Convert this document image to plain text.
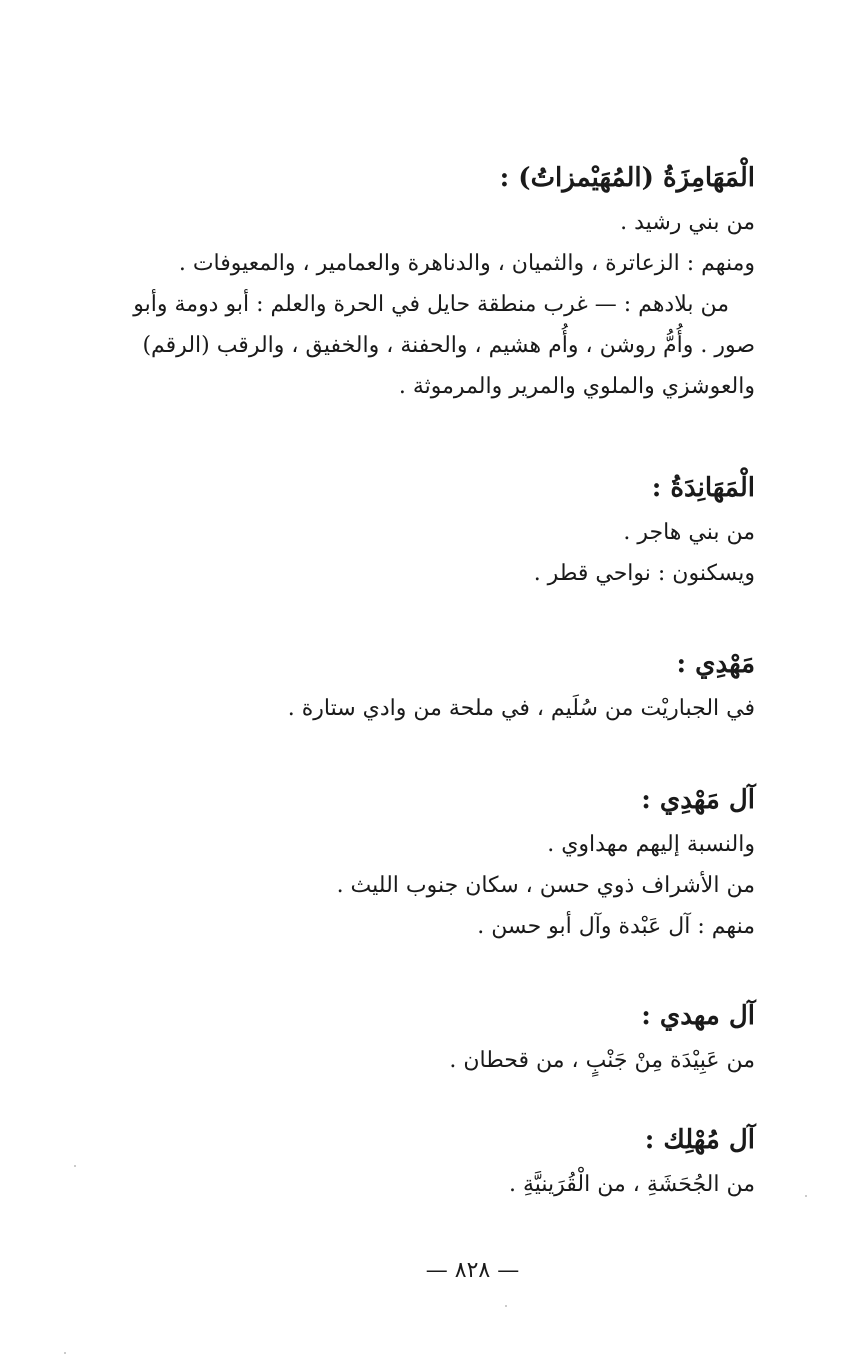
الْمَهَامِزَةُ (المُهَيْمزاتُ) :

من بني رشيد .

ومنهم : الزعاترة ، والثميان ، والدناهرة والعمامير ، والمعيوفات .

من بلادهم : — غرب منطقة حايل في الحرة والعلم : أبو دومة وأبو

صور . وأُمُّ روشن ، وأُم هشيم ، والحفنة ، والخفيق ، والرقب (الرقم)

والعوشزي والملوي والمرير والمرموثة .

الْمَهَانِدَةُ :

من بني هاجر .

ويسكنون : نواحي قطر .

مَهْدِي :

في الجباريْت من سُلَيم ، في ملحة من وادي ستارة .

آل مَهْدِي :

والنسبة إليهم مهداوي .

من الأشراف ذوي حسن ، سكان جنوب الليث .

منهم : آل عَبْدة وآل أبو حسن .

آل مهدي :

من عَبِيْدَة مِنْ جَنْبٍ ، من قحطان .

آل مُهْلِك :

من الجُحَشَةِ ، من الْقُرَينيَّةِ .

— ٨٢٨ —
